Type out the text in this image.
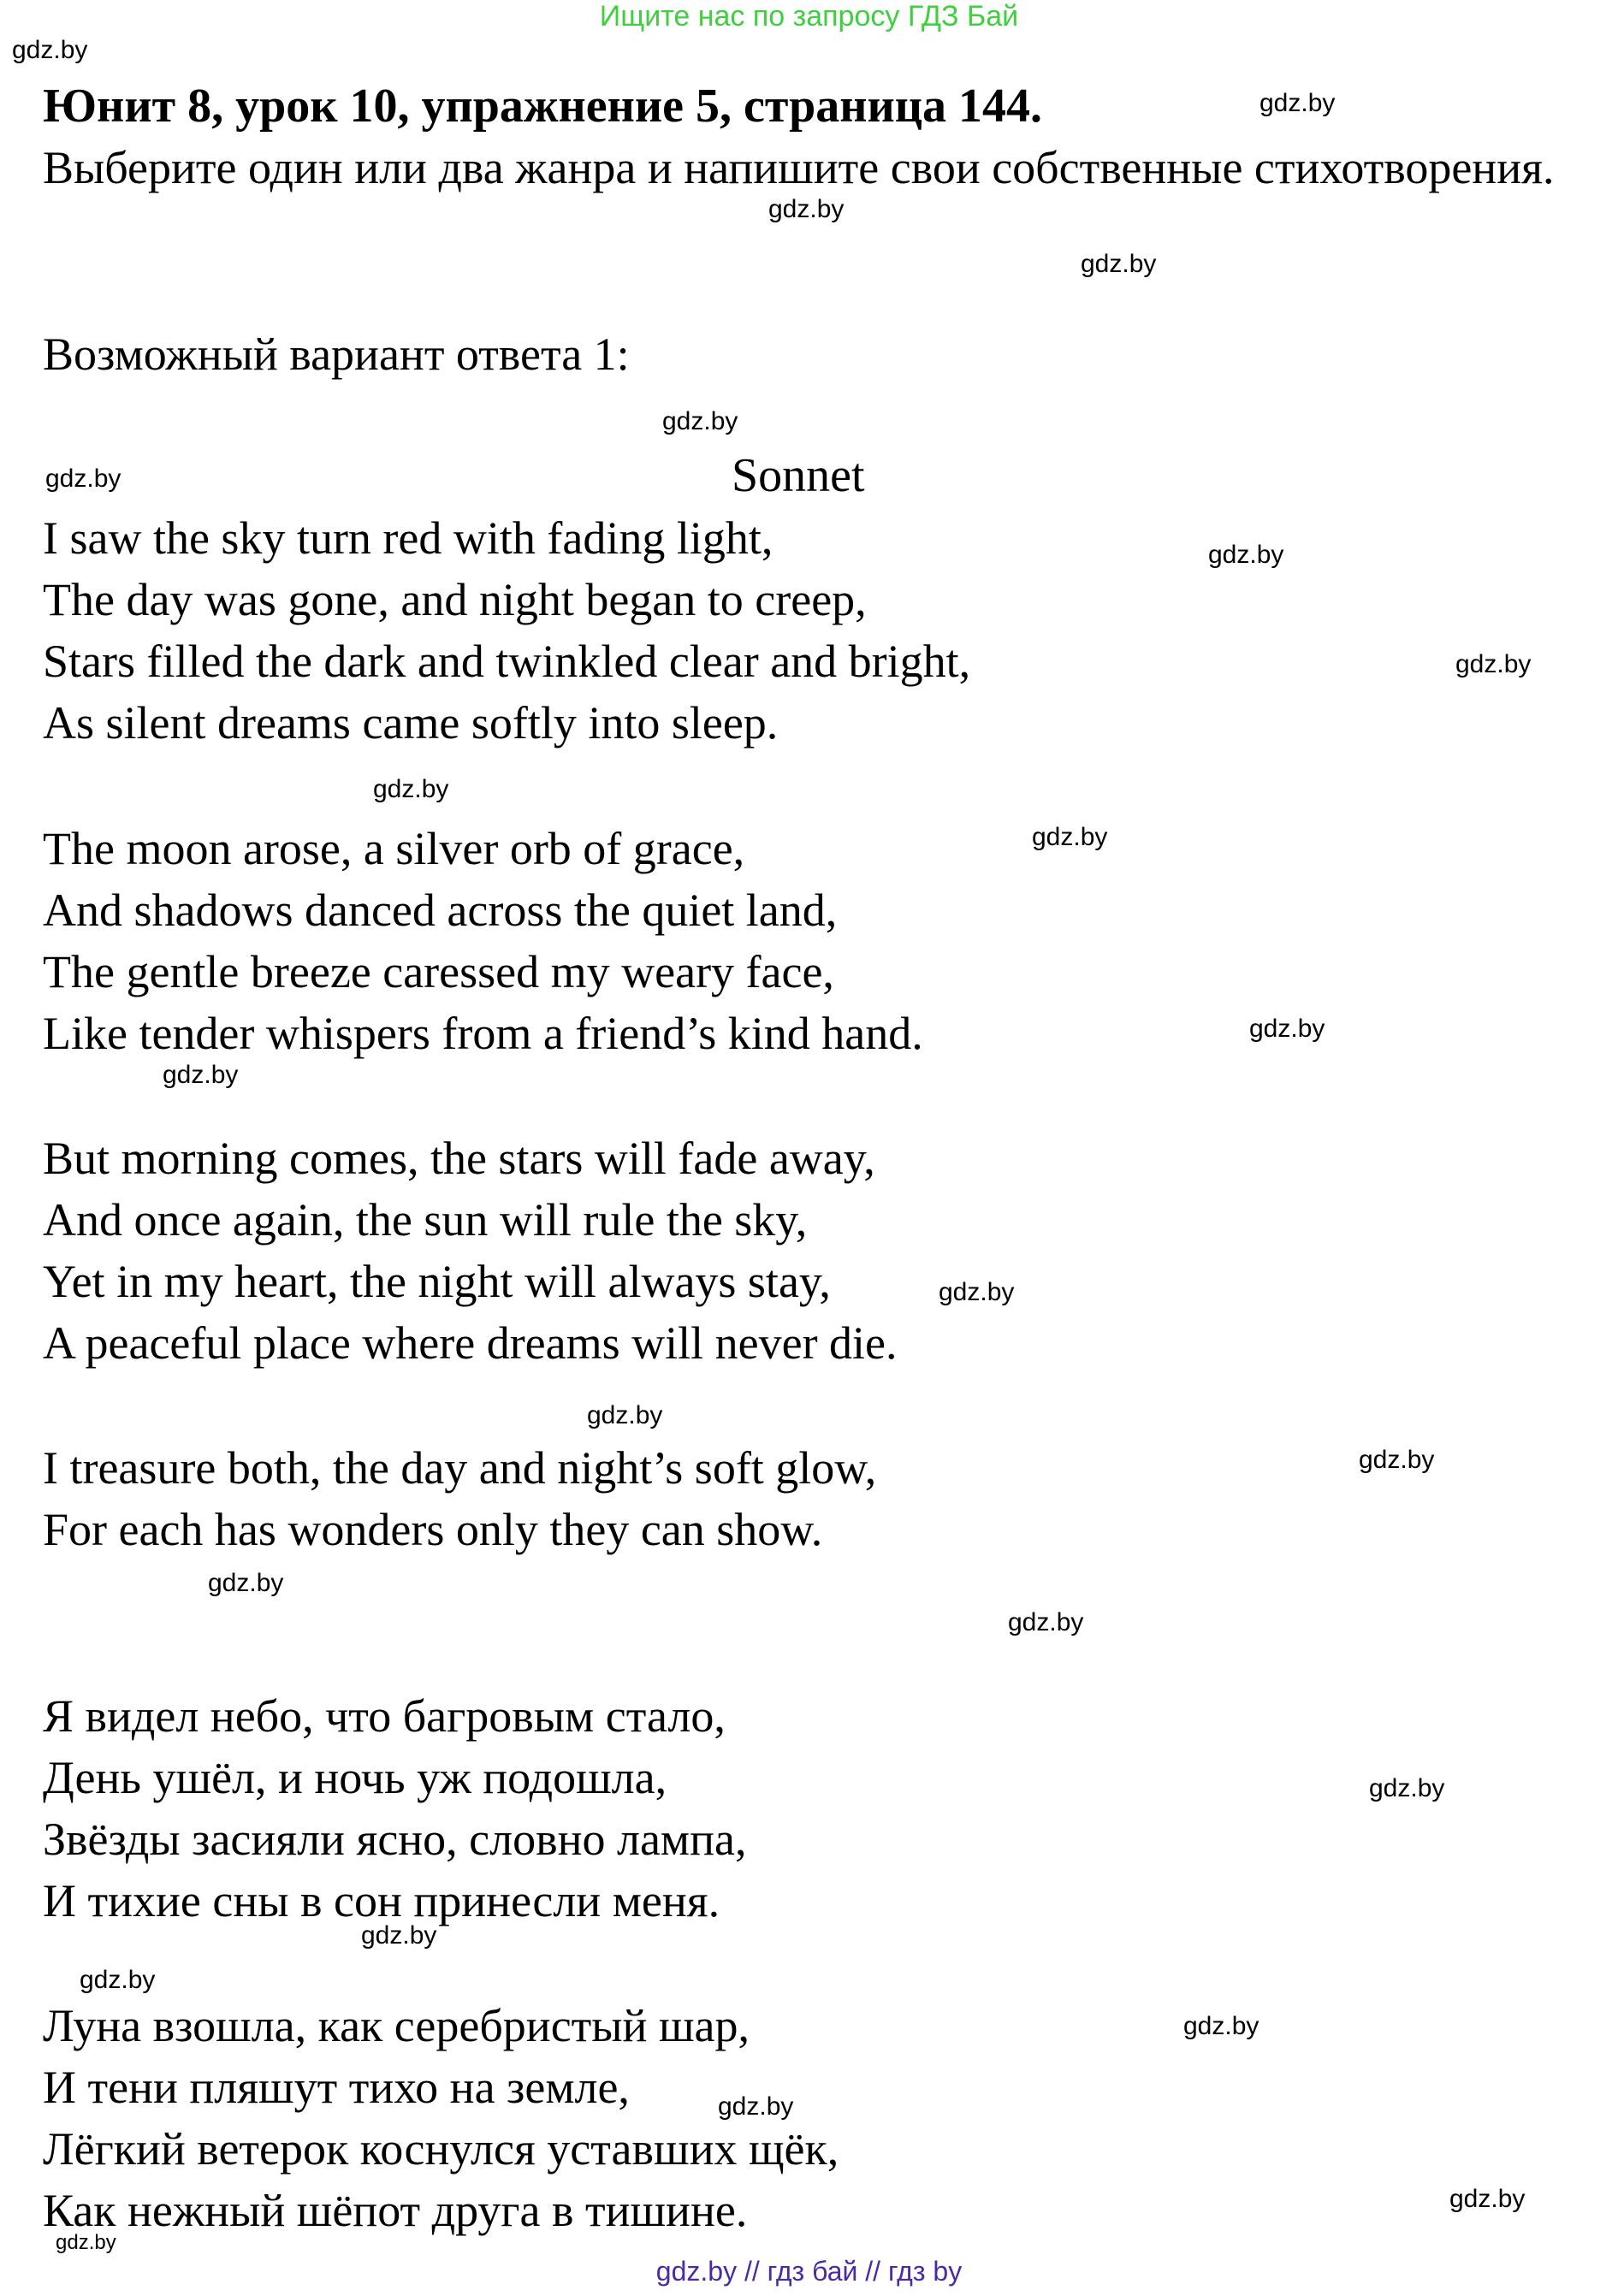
Ищите нас по запросу ГДЗ Бай
Юнит 8, урок 10, упражнение 5, страница 144.
Выберите один или два жанра и напишите свои собственные стихотворения.
Возможный вариант ответа 1:
Sonnet
I saw the sky turn red with fading light,
The day was gone, and night began to creep,
Stars filled the dark and twinkled clear and bright,
As silent dreams came softly into sleep.
The moon arose, a silver orb of grace,
And shadows danced across the quiet land,
The gentle breeze caressed my weary face,
Like tender whispers from a friend’s kind hand.
But morning comes, the stars will fade away,
And once again, the sun will rule the sky,
Yet in my heart, the night will always stay,
A peaceful place where dreams will never die.
I treasure both, the day and night’s soft glow,
For each has wonders only they can show.
Я видел небо, что багровым стало,
День ушёл, и ночь уж подошла,
Звёзды засияли ясно, словно лампа,
И тихие сны в сон принесли меня.
Луна взошла, как серебристый шар,
И тени пляшут тихо на земле,
Лёгкий ветерок коснулся уставших щёк,
Как нежный шёпот друга в тишине.
gdz.by
gdz.by
gdz.by
gdz.by
gdz.by
gdz.by
gdz.by
gdz.by
gdz.by
gdz.by
gdz.by
gdz.by
gdz.by
gdz.by
gdz.by
gdz.by
gdz.by
gdz.by
gdz.by
gdz.by
gdz.by
gdz.by
gdz.by
gdz.by
gdz.by // гдз бай // гдз by
